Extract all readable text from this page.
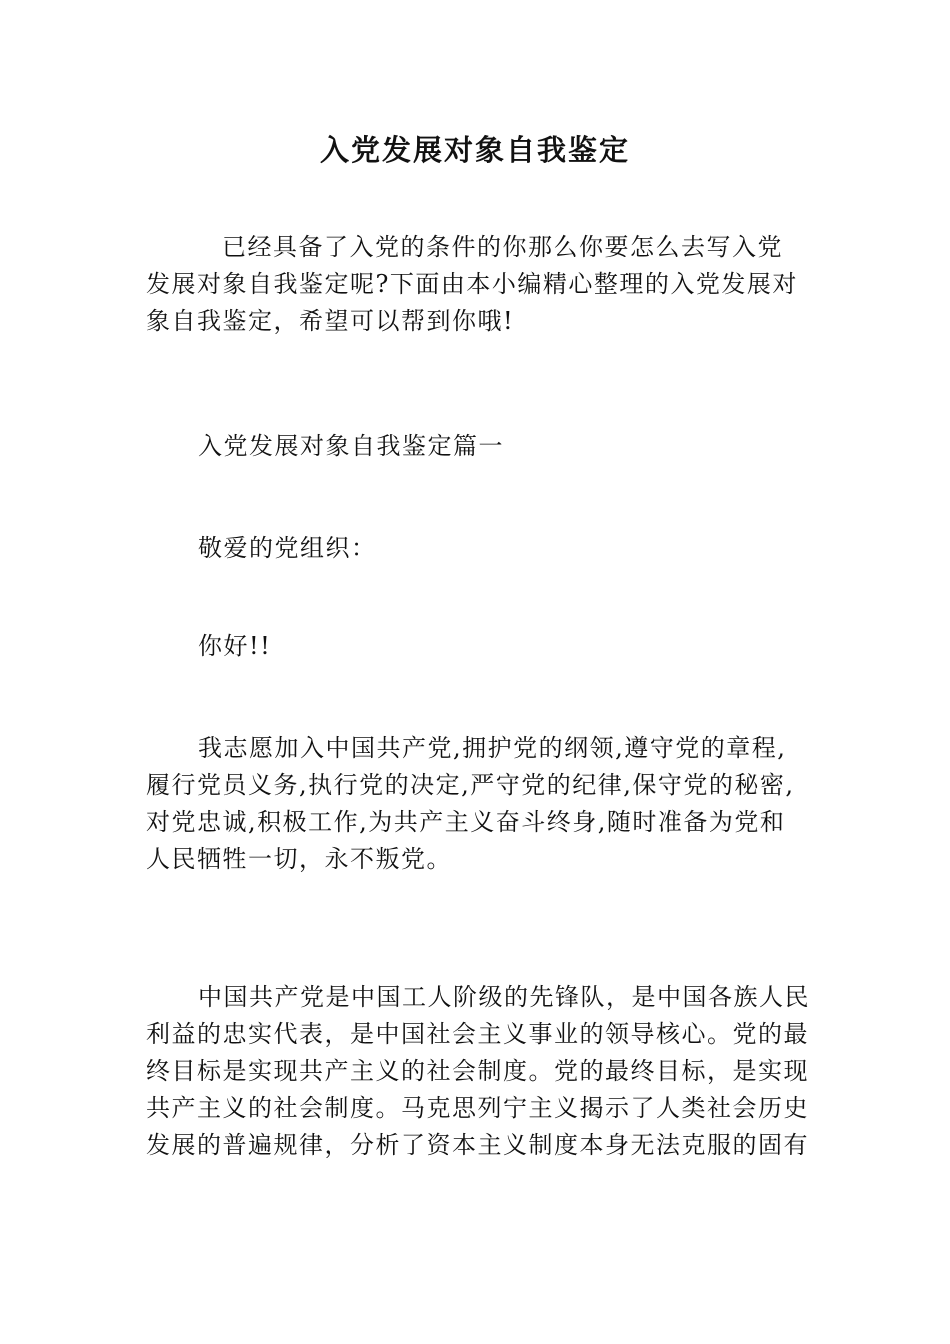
入党发展对象自我鉴定
已经具备了入党的条件的你那么你要怎么去写入党
发展对象自我鉴定呢?下面由本小编精心整理的入党发展对
象自我鉴定，希望可以帮到你哦!
入党发展对象自我鉴定篇一
敬爱的党组织：
你好!!
我志愿加入中国共产党,拥护党的纲领,遵守党的章程,
履行党员义务,执行党的决定,严守党的纪律,保守党的秘密,
对党忠诚,积极工作,为共产主义奋斗终身,随时准备为党和
人民牺牲一切，永不叛党。
中国共产党是中国工人阶级的先锋队，是中国各族人民
利益的忠实代表，是中国社会主义事业的领导核心。党的最
终目标是实现共产主义的社会制度。党的最终目标，是实现
共产主义的社会制度。马克思列宁主义揭示了人类社会历史
发展的普遍规律，分析了资本主义制度本身无法克服的固有
